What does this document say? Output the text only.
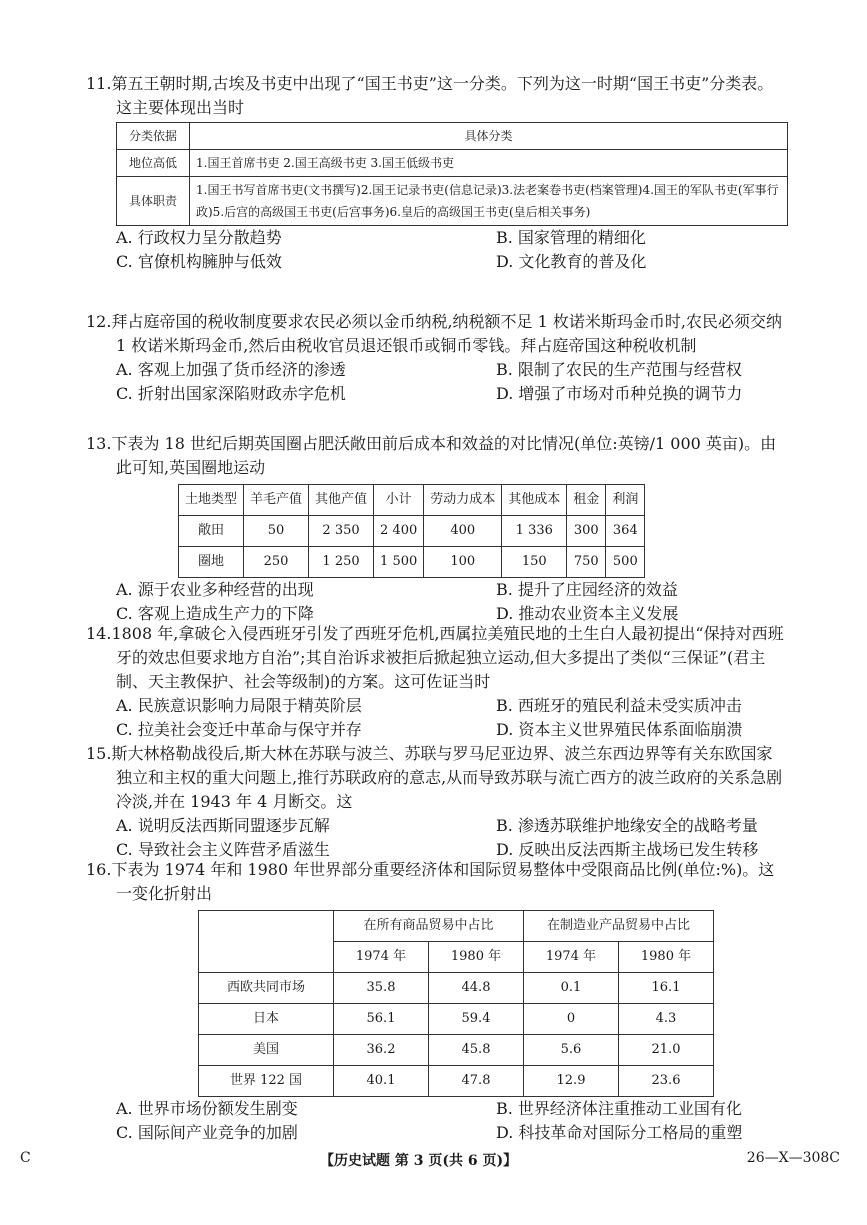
11.第五王朝时期,古埃及书吏中出现了“国王书吏”这一分类。下列为这一时期“国王书吏”分类表。这主要体现出当时
分类依据	具体分类
地位高低	1.国王首席书吏 2.国王高级书吏 3.国王低级书吏
具体职责	1.国王书写首席书吏(文书撰写)2.国王记录书吏(信息记录)3.法老案卷书吏(档案管理)4.国王的军队书吏(军事行政)5.后宫的高级国王书吏(后宫事务)6.皇后的高级国王书吏(皇后相关事务)
A. 行政权力呈分散趋势	B. 国家管理的精细化
C. 官僚机构臃肿与低效	D. 文化教育的普及化
12.拜占庭帝国的税收制度要求农民必须以金币纳税,纳税额不足 1 枚诺米斯玛金币时,农民必须交纳 1 枚诺米斯玛金币,然后由税收官员退还银币或铜币零钱。拜占庭帝国这种税收机制
A. 客观上加强了货币经济的渗透	B. 限制了农民的生产范围与经营权
C. 折射出国家深陷财政赤字危机	D. 增强了市场对币种兑换的调节力
13.下表为 18 世纪后期英国圈占肥沃敞田前后成本和效益的对比情况(单位:英镑/1 000 英亩)。由此可知,英国圈地运动
土地类型	羊毛产值	其他产值	小计	劳动力成本	其他成本	租金	利润
敞田	50	2 350	2 400	400	1 336	300	364
圈地	250	1 250	1 500	100	150	750	500
A. 源于农业多种经营的出现	B. 提升了庄园经济的效益
C. 客观上造成生产力的下降	D. 推动农业资本主义发展
14.1808 年,拿破仑入侵西班牙引发了西班牙危机,西属拉美殖民地的土生白人最初提出“保持对西班牙的效忠但要求地方自治”;其自治诉求被拒后掀起独立运动,但大多提出了类似“三保证”(君主制、天主教保护、社会等级制)的方案。这可佐证当时
A. 民族意识影响力局限于精英阶层	B. 西班牙的殖民利益未受实质冲击
C. 拉美社会变迁中革命与保守并存	D. 资本主义世界殖民体系面临崩溃
15.斯大林格勒战役后,斯大林在苏联与波兰、苏联与罗马尼亚边界、波兰东西边界等有关东欧国家独立和主权的重大问题上,推行苏联政府的意志,从而导致苏联与流亡西方的波兰政府的关系急剧冷淡,并在 1943 年 4 月断交。这
A. 说明反法西斯同盟逐步瓦解	B. 渗透苏联维护地缘安全的战略考量
C. 导致社会主义阵营矛盾滋生	D. 反映出反法西斯主战场已发生转移
16.下表为 1974 年和 1980 年世界部分重要经济体和国际贸易整体中受限商品比例(单位:%)。这一变化折射出
	在所有商品贸易中占比		在制造业产品贸易中占比	
	1974 年	1980 年	1974 年	1980 年
西欧共同市场	35.8	44.8	0.1	16.1
日本	56.1	59.4	0	4.3
美国	36.2	45.8	5.6	21.0
世界 122 国	40.1	47.8	12.9	23.6
A. 世界市场份额发生剧变	B. 世界经济体注重推动工业国有化
C. 国际间产业竞争的加剧	D. 科技革命对国际分工格局的重塑
C	【历史试题 第 3 页(共 6 页)】	26—X—308C
